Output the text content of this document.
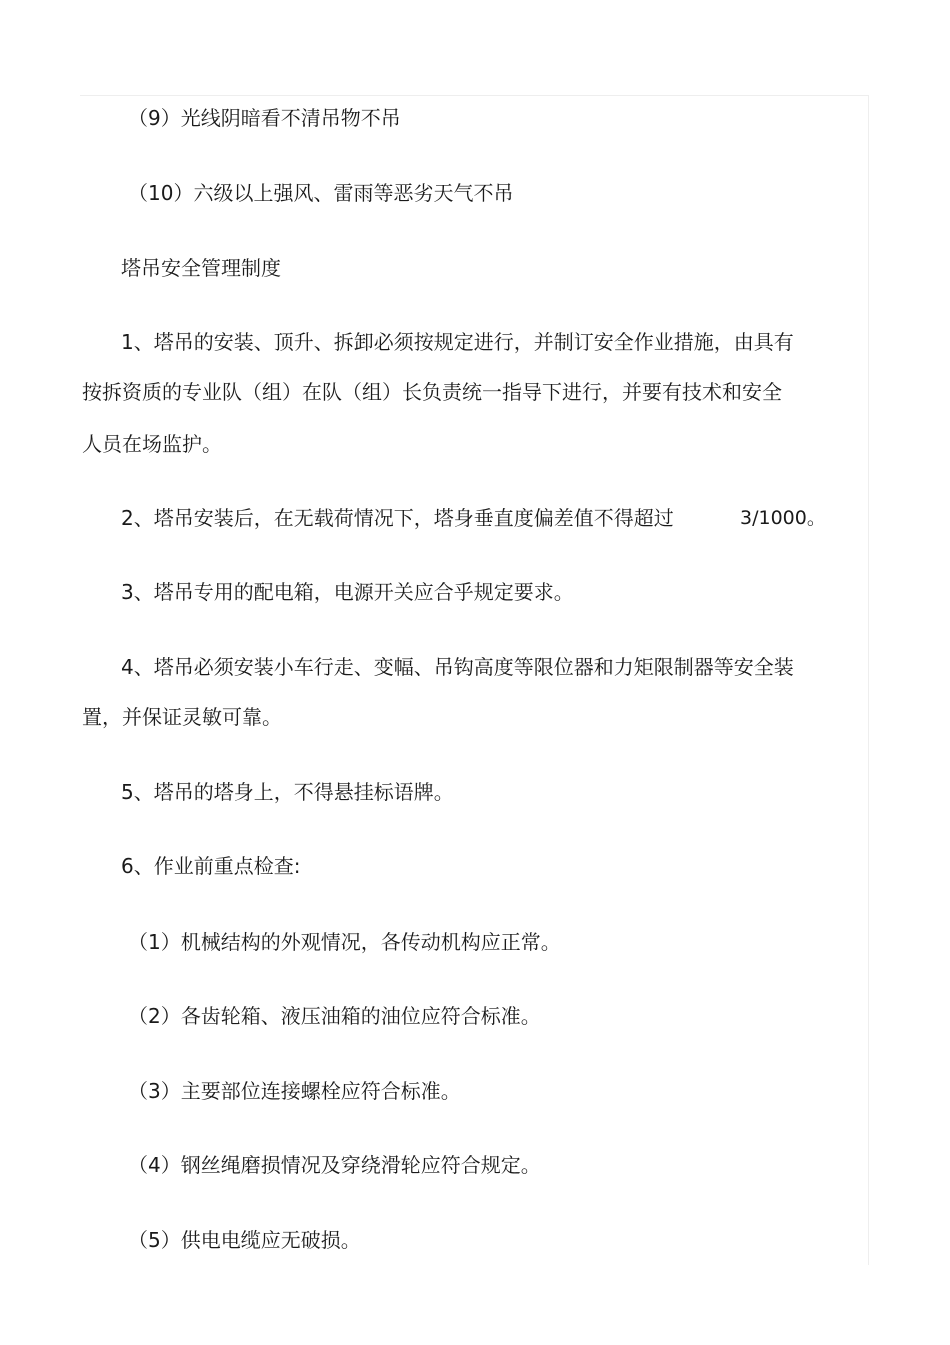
（9）光线阴暗看不清吊物不吊
（10）六级以上强风、雷雨等恶劣天气不吊
塔吊安全管理制度
1、塔吊的安装、顶升、拆卸必须按规定进行，并制订安全作业措施，由具有
按拆资质的专业队（组）在队（组）长负责统一指导下进行，并要有技术和安全
人员在场监护。
2、塔吊安装后，在无载荷情况下，塔身垂直度偏差值不得超过	3/1000。
3、塔吊专用的配电箱，电源开关应合乎规定要求。
4、塔吊必须安装小车行走、变幅、吊钩高度等限位器和力矩限制器等安全装
置，并保证灵敏可靠。
5、塔吊的塔身上，不得悬挂标语牌。
6、作业前重点检查:
（1）机械结构的外观情况，各传动机构应正常。
（2）各齿轮箱、液压油箱的油位应符合标准。
（3）主要部位连接螺栓应符合标准。
（4）钢丝绳磨损情况及穿绕滑轮应符合规定。
（5）供电电缆应无破损。
